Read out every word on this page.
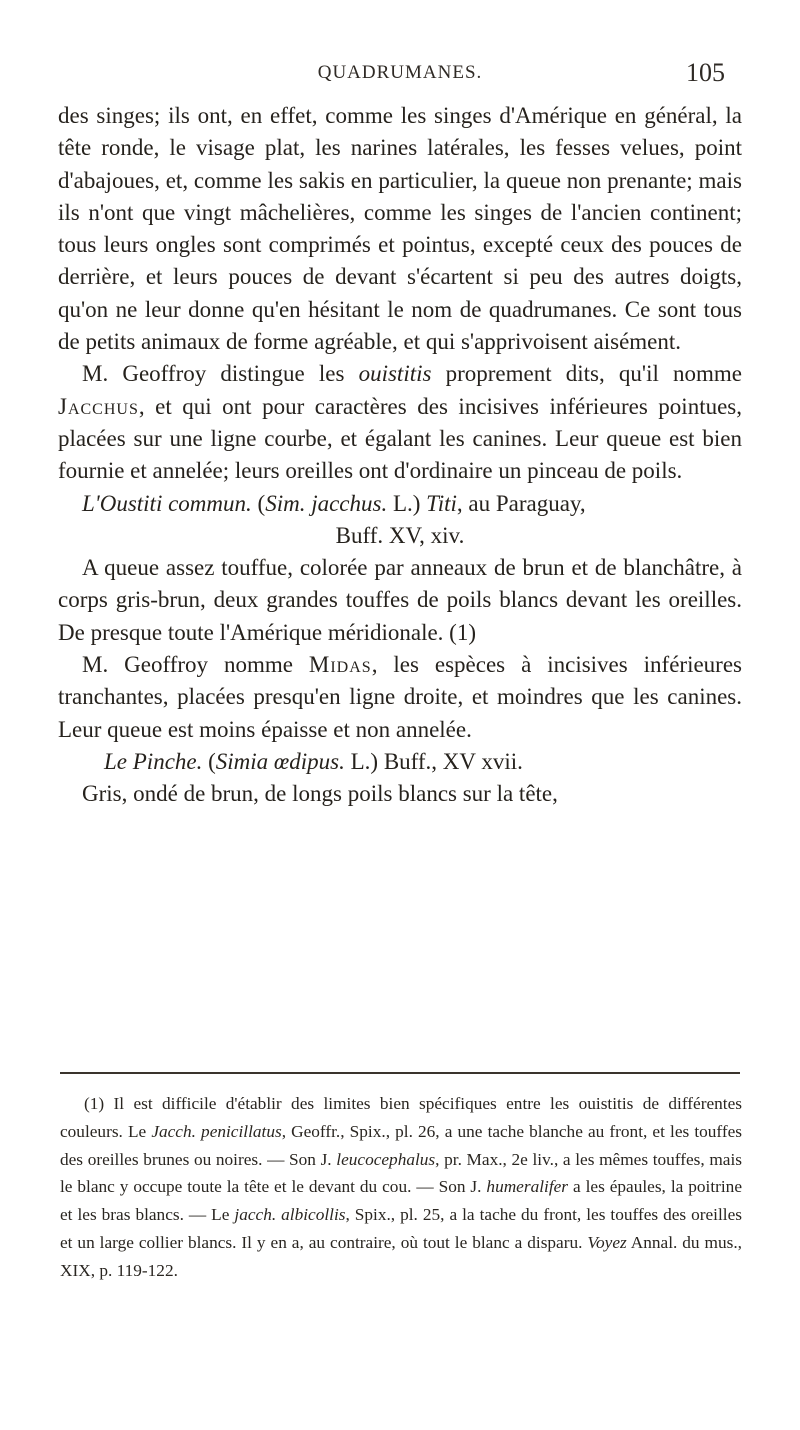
QUADRUMANES.	105

des singes; ils ont, en effet, comme les singes d'Amérique en général, la tête ronde, le visage plat, les narines latérales, les fesses velues, point d'abajoues, et, comme les sakis en particulier, la queue non prenante; mais ils n'ont que vingt mâchelières, comme les singes de l'ancien continent; tous leurs ongles sont comprimés et pointus, excepté ceux des pouces de derrière, et leurs pouces de devant s'écartent si peu des autres doigts, qu'on ne leur donne qu'en hésitant le nom de quadrumanes. Ce sont tous de petits animaux de forme agréable, et qui s'apprivoisent aisément.

M. Geoffroy distingue les ouistitis proprement dits, qu'il nomme Jacchus, et qui ont pour caractères des incisives inférieures pointues, placées sur une ligne courbe, et égalant les canines. Leur queue est bien fournie et annelée; leurs oreilles ont d'ordinaire un pinceau de poils.

L'Oustiti commun. (Sim. jacchus. L.) Titi, au Paraguay,

Buff. XV, xiv.

A queue assez touffue, colorée par anneaux de brun et de blanchâtre, à corps gris-brun, deux grandes touffes de poils blancs devant les oreilles. De presque toute l'Amérique méridionale. (1)

M. Geoffroy nomme Midas, les espèces à incisives inférieures tranchantes, placées presqu'en ligne droite, et moindres que les canines. Leur queue est moins épaisse et non annelée.

Le Pinche. (Simia œdipus. L.) Buff., XV xvii.

Gris, ondé de brun, de longs poils blancs sur la tête,

(1) Il est difficile d'établir des limites bien spécifiques entre les ouistitis de différentes couleurs. Le Jacch. penicillatus, Geoffr., Spix., pl. 26, a une tache blanche au front, et les touffes des oreilles brunes ou noires. — Son J. leucocephalus, pr. Max., 2e liv., a les mêmes touffes, mais le blanc y occupe toute la tête et le devant du cou. — Son J. humeralifer a les épaules, la poitrine et les bras blancs. — Le jacch. albicollis, Spix., pl. 25, a la tache du front, les touffes des oreilles et un large collier blancs. Il y en a, au contraire, où tout le blanc a disparu. Voyez Annal. du mus., XIX, p. 119-122.
